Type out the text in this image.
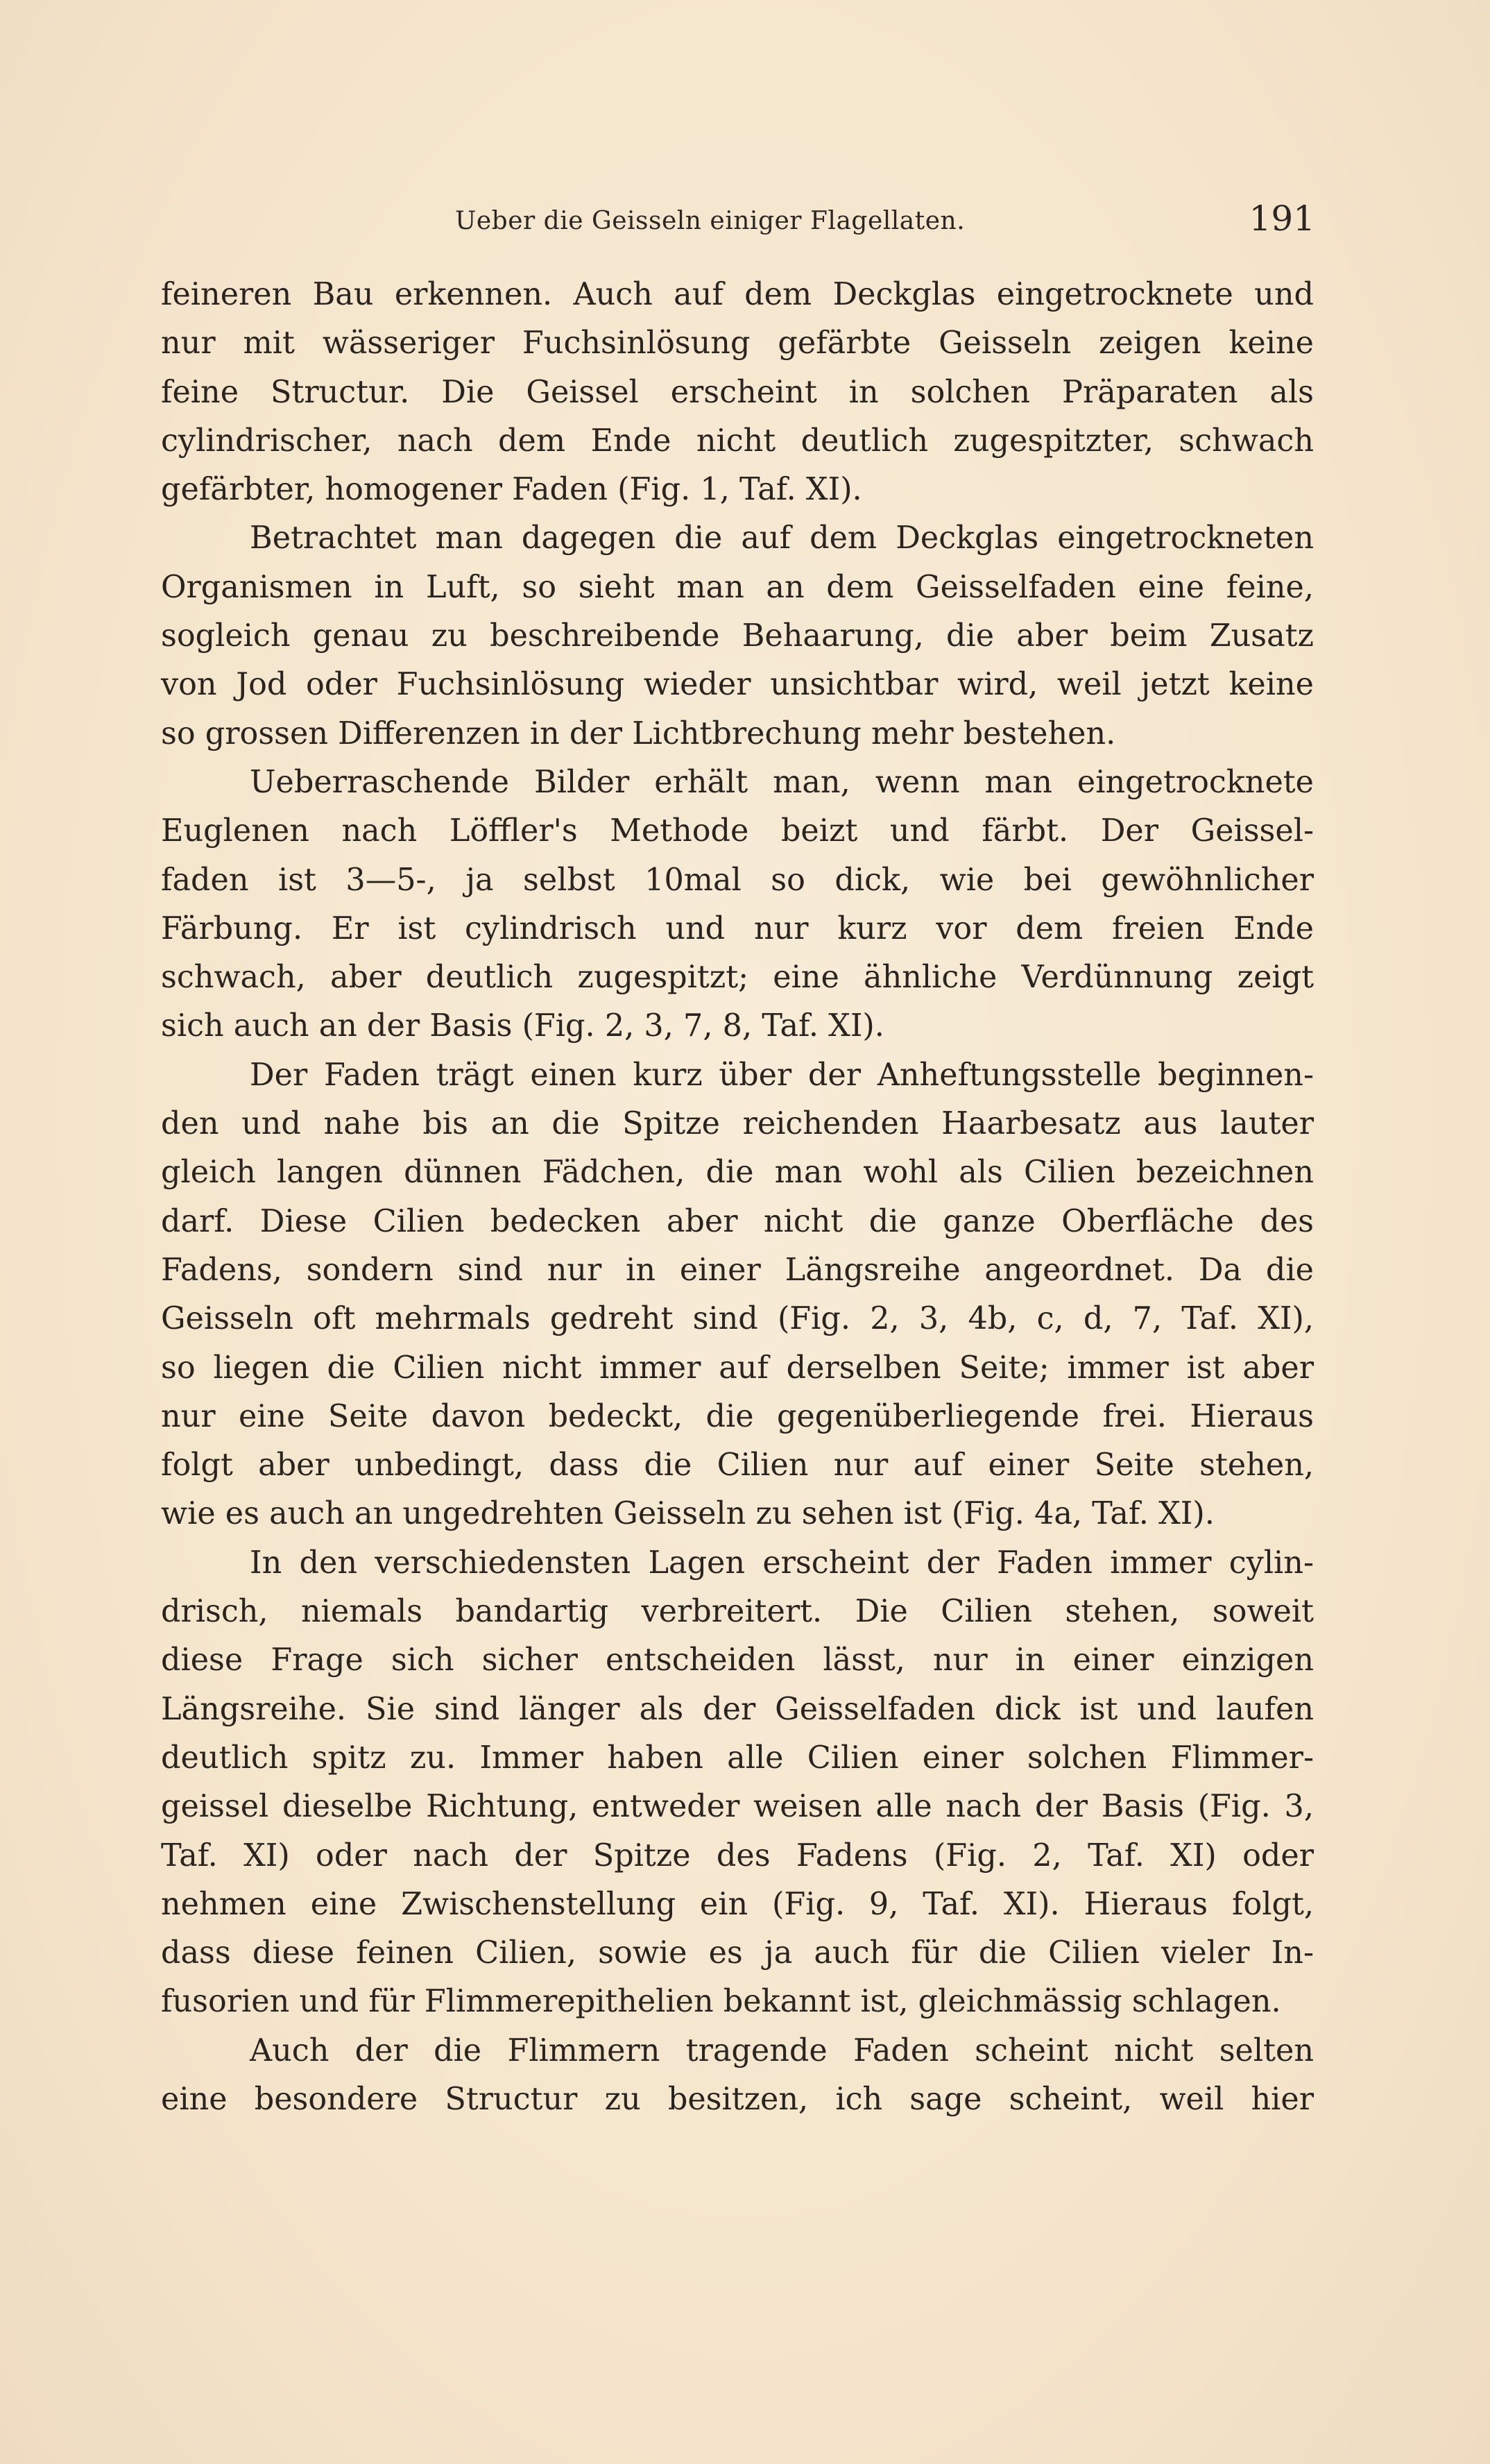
Ueber die Geisseln einiger Flagellaten.	191
feineren Bau erkennen. Auch auf dem Deckglas eingetrocknete und
nur mit wässeriger Fuchsinlösung gefärbte Geisseln zeigen keine
feine Structur. Die Geissel erscheint in solchen Präparaten als
cylindrischer, nach dem Ende nicht deutlich zugespitzter, schwach
gefärbter, homogener Faden (Fig. 1, Taf. XI).
Betrachtet man dagegen die auf dem Deckglas eingetrockneten
Organismen in Luft, so sieht man an dem Geisselfaden eine feine,
sogleich genau zu beschreibende Behaarung, die aber beim Zusatz
von Jod oder Fuchsinlösung wieder unsichtbar wird, weil jetzt keine
so grossen Differenzen in der Lichtbrechung mehr bestehen.
Ueberraschende Bilder erhält man, wenn man eingetrocknete
Euglenen nach Löffler's Methode beizt und färbt. Der Geissel-
faden ist 3—5-, ja selbst 10mal so dick, wie bei gewöhnlicher
Färbung. Er ist cylindrisch und nur kurz vor dem freien Ende
schwach, aber deutlich zugespitzt; eine ähnliche Verdünnung zeigt
sich auch an der Basis (Fig. 2, 3, 7, 8, Taf. XI).
Der Faden trägt einen kurz über der Anheftungsstelle beginnen-
den und nahe bis an die Spitze reichenden Haarbesatz aus lauter
gleich langen dünnen Fädchen, die man wohl als Cilien bezeichnen
darf. Diese Cilien bedecken aber nicht die ganze Oberfläche des
Fadens, sondern sind nur in einer Längsreihe angeordnet. Da die
Geisseln oft mehrmals gedreht sind (Fig. 2, 3, 4b, c, d, 7, Taf. XI),
so liegen die Cilien nicht immer auf derselben Seite; immer ist aber
nur eine Seite davon bedeckt, die gegenüberliegende frei. Hieraus
folgt aber unbedingt, dass die Cilien nur auf einer Seite stehen,
wie es auch an ungedrehten Geisseln zu sehen ist (Fig. 4a, Taf. XI).
In den verschiedensten Lagen erscheint der Faden immer cylin-
drisch, niemals bandartig verbreitert. Die Cilien stehen, soweit
diese Frage sich sicher entscheiden lässt, nur in einer einzigen
Längsreihe. Sie sind länger als der Geisselfaden dick ist und laufen
deutlich spitz zu. Immer haben alle Cilien einer solchen Flimmer-
geissel dieselbe Richtung, entweder weisen alle nach der Basis (Fig. 3,
Taf. XI) oder nach der Spitze des Fadens (Fig. 2, Taf. XI) oder
nehmen eine Zwischenstellung ein (Fig. 9, Taf. XI). Hieraus folgt,
dass diese feinen Cilien, sowie es ja auch für die Cilien vieler In-
fusorien und für Flimmerepithelien bekannt ist, gleichmässig schlagen.
Auch der die Flimmern tragende Faden scheint nicht selten
eine besondere Structur zu besitzen, ich sage scheint, weil hier
